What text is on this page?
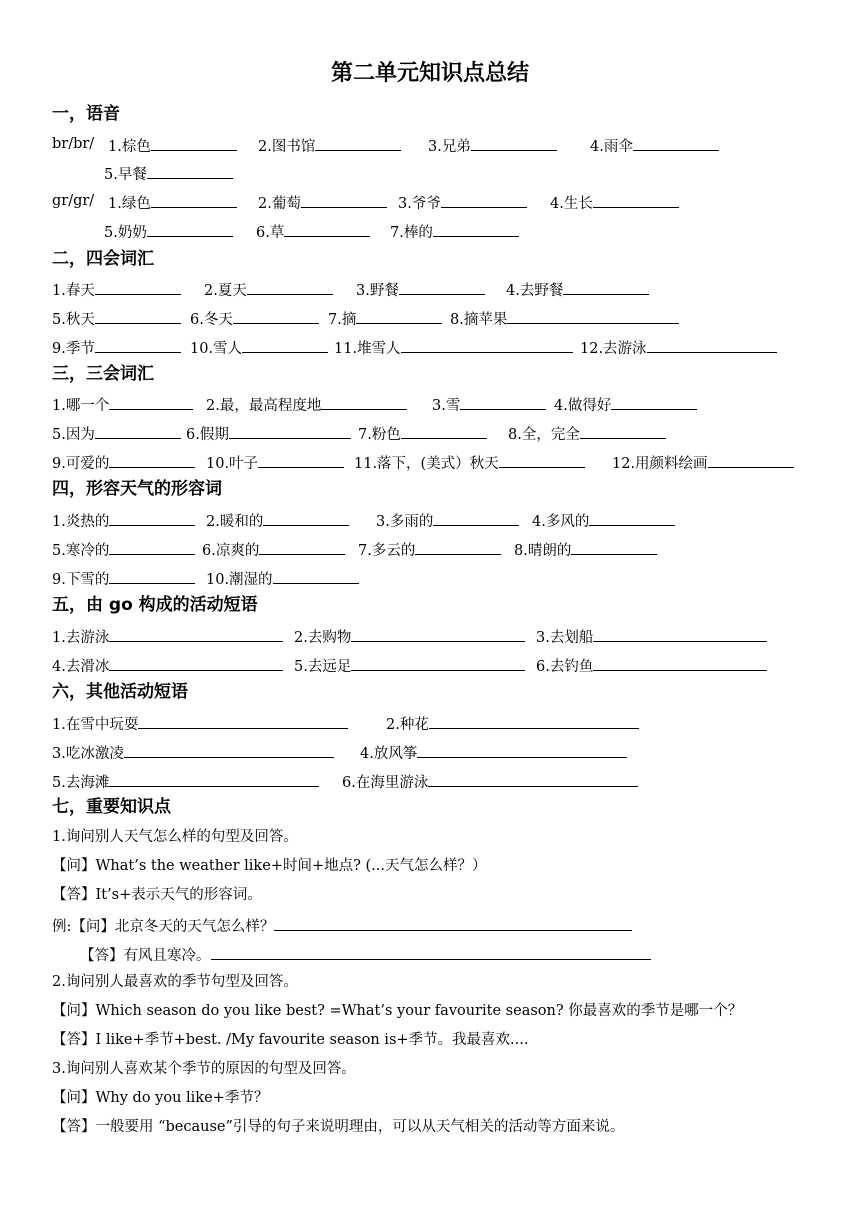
第二单元知识点总结
一，语音
br/br/ 1.棕色	2.图书馆	3.兄弟	4.雨伞
5.早餐
gr/gr/ 1.绿色	2.葡萄	3.爷爷	4.生长
5.奶奶	6.草	7.棒的
二，四会词汇
1.春天	2.夏天	3.野餐	4.去野餐
5.秋天	6.冬天	7.摘	8.摘苹果
9.季节	10.雪人	11.堆雪人	12.去游泳
三，三会词汇
1.哪一个	2.最，最高程度地	3.雪	4.做得好
5.因为	6.假期	7.粉色	8.全，完全
9.可爱的	10.叶子	11.落下，(美式）秋天	12.用颜料绘画
四，形容天气的形容词
1.炎热的	2.暖和的	3.多雨的	4.多风的
5.寒冷的	6.凉爽的	7.多云的	8.晴朗的
9.下雪的	10.潮湿的
五，由 go 构成的活动短语
1.去游泳	2.去购物	3.去划船
4.去滑冰	5.去远足	6.去钓鱼
六，其他活动短语
1.在雪中玩耍	2.种花
3.吃冰激凌	4.放风筝
5.去海滩	6.在海里游泳
七，重要知识点
1.询问别人天气怎么样的句型及回答。
【问】What’s the weather like+时间+地点? (...天气怎么样？）
【答】It’s+表示天气的形容词。
例:【问】北京冬天的天气怎么样？
【答】有风且寒冷。
2.询问别人最喜欢的季节句型及回答。
【问】Which season do you like best? =What’s your favourite season? 你最喜欢的季节是哪一个？
【答】I like+季节+best. /My favourite season is+季节。我最喜欢....
3.询问别人喜欢某个季节的原因的句型及回答。
【问】Why do you like+季节？
【答】一般要用 “because”引导的句子来说明理由，可以从天气相关的活动等方面来说。
